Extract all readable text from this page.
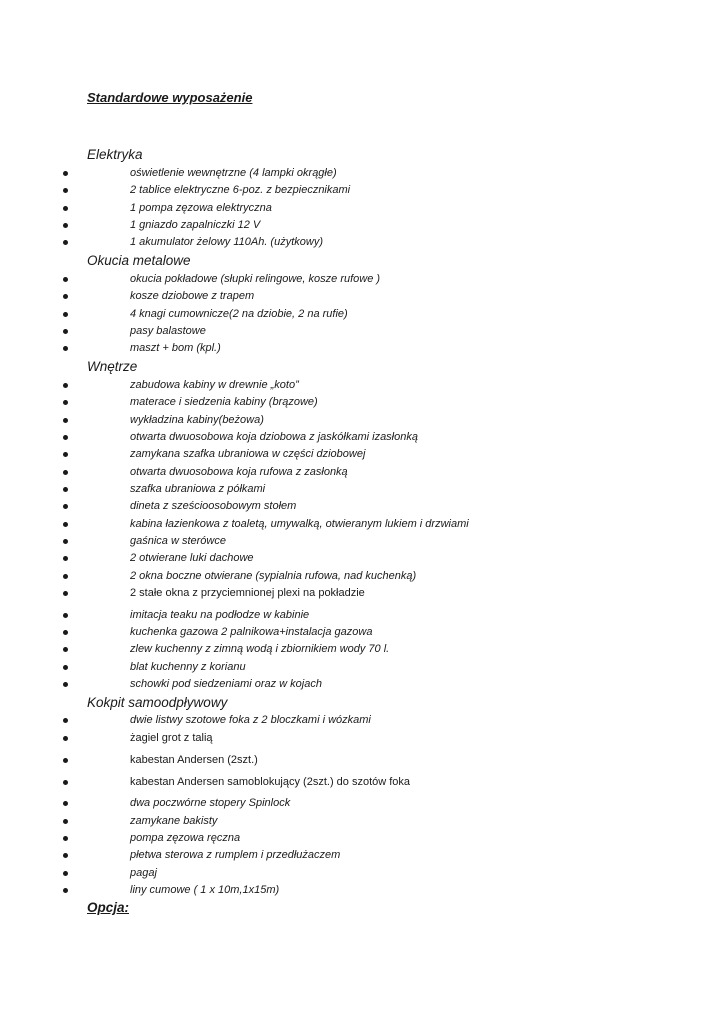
Standardowe wyposażenie
Elektryka
oświetlenie wewnętrzne (4 lampki okrągłe)
2 tablice elektryczne 6-poz. z bezpiecznikami
1 pompa zęzowa elektryczna
1 gniazdo zapalniczki 12 V
1 akumulator żelowy 110Ah. (użytkowy)
Okucia metalowe
okucia pokładowe (słupki relingowe, kosze rufowe )
kosze dziobowe z trapem
4 knagi cumownicze(2 na dziobie, 2 na rufie)
pasy balastowe
maszt + bom (kpl.)
Wnętrze
zabudowa kabiny w drewnie „koto”
materace i siedzenia kabiny (brązowe)
wykładzina kabiny(beżowa)
otwarta dwuosobowa koja dziobowa z jaskółkami izasłonką
zamykana szafka ubraniowa w części dziobowej
otwarta dwuosobowa koja rufowa z zasłonką
szafka ubraniowa z półkami
dineta z sześcioosobowym stołem
kabina łazienkowa z toaletą, umywalką, otwieranym lukiem i drzwiami
gaśnica w sterówce
2 otwierane luki dachowe
2 okna boczne otwierane (sypialnia rufowa, nad kuchenką)
2 stałe okna z przyciemnionej plexi na pokładzie
imitacja teaku na podłodze w kabinie
kuchenka gazowa 2 palnikowa+instalacja gazowa
zlew kuchenny z zimną wodą i zbiornikiem wody 70 l.
blat kuchenny z korianu
schowki pod siedzeniami oraz w kojach
Kokpit samoodpływowy
dwie listwy szotowe foka z 2 bloczkami i wózkami
żagiel grot z talią
kabestan Andersen (2szt.)
kabestan Andersen samoblokujący (2szt.) do szotów foka
dwa poczwórne stopery Spinlock
zamykane bakisty
pompa zęzowa ręczna
płetwa sterowa z rumplem i przedłużaczem
pagaj
liny cumowe ( 1 x 10m,1x15m)
Opcja:
